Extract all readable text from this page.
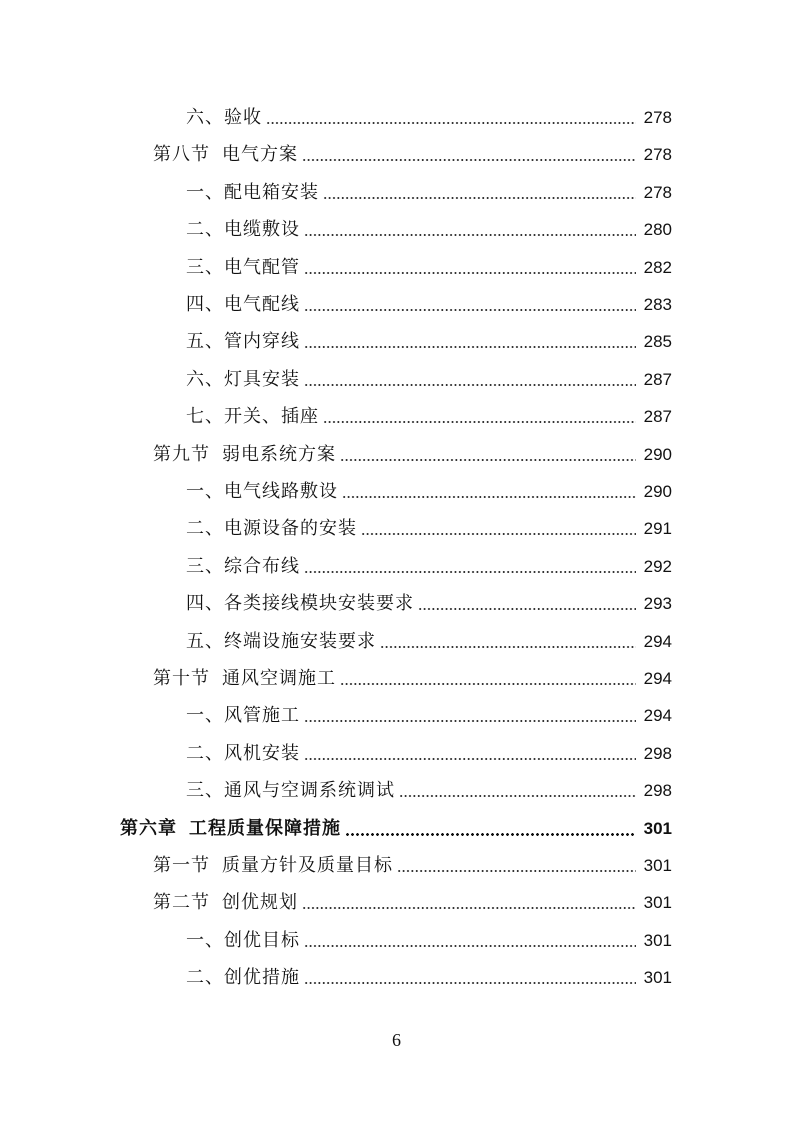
六、验收	278
第八节 电气方案	278
一、配电箱安装	278
二、电缆敷设	280
三、电气配管	282
四、电气配线	283
五、管内穿线	285
六、灯具安装	287
七、开关、插座	287
第九节 弱电系统方案	290
一、电气线路敷设	290
二、电源设备的安装	291
三、综合布线	292
四、各类接线模块安装要求	293
五、终端设施安装要求	294
第十节 通风空调施工	294
一、风管施工	294
二、风机安装	298
三、通风与空调系统调试	298
第六章 工程质量保障措施	301
第一节 质量方针及质量目标	301
第二节 创优规划	301
一、创优目标	301
二、创优措施	301
6
